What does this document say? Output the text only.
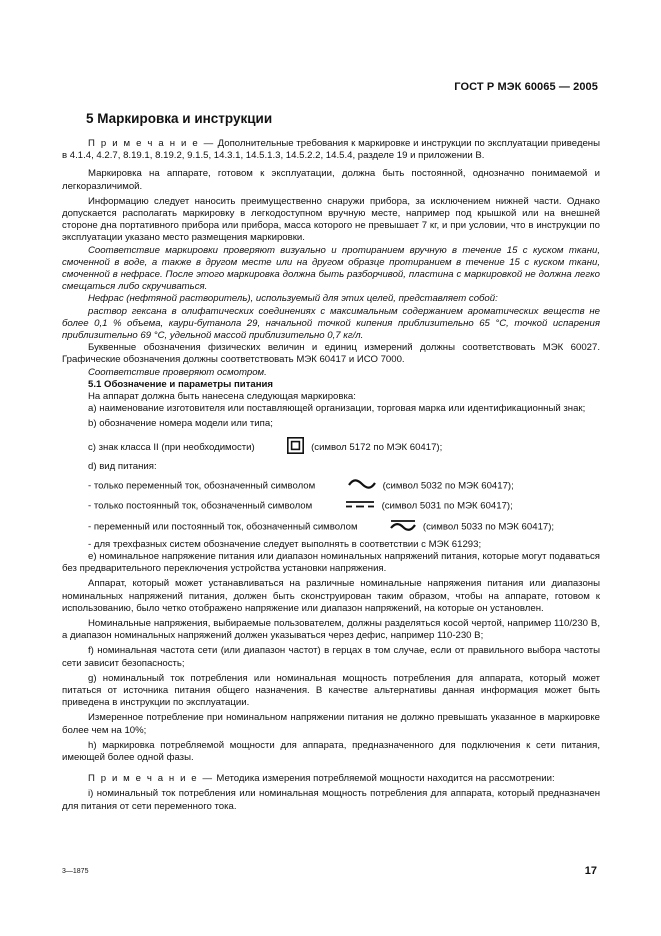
ГОСТ Р МЭК 60065 — 2005
5 Маркировка и инструкции

П р и м е ч а н и е — Дополнительные требования к маркировке и инструкции по эксплуатации приведены в 4.1.4, 4.2.7, 8.19.1, 8.19.2, 9.1.5, 14.3.1, 14.5.1.3, 14.5.2.2, 14.5.4, разделе 19 и приложении В.

Маркировка на аппарате, готовом к эксплуатации, должна быть постоянной, однозначно понимаемой и легкоразличимой.

Информацию следует наносить преимущественно снаружи прибора, за исключением нижней части. Однако допускается располагать маркировку в легкодоступном вручную месте, например под крышкой или на внешней стороне дна портативного прибора или прибора, масса которого не превышает 7 кг, и при условии, что в инструкции по эксплуатации указано место размещения маркировки.

Соответствие маркировки проверяют визуально и протиранием вручную в течение 15 с куском ткани, смоченной в воде, а также в другом месте или на другом образце протиранием в течение 15 с куском ткани, смоченной в нефрасе. После этого маркировка должна быть разборчивой, пластина с маркировкой не должна легко смещаться либо скручиваться.

Нефрас (нефтяной растворитель), используемый для этих целей, представляет собой:

раствор гексана в олифатических соединениях с максимальным содержанием ароматических веществ не более 0,1 % объема, каури-бутанола 29, начальной точкой кипения приблизительно 65 °С, точкой испарения приблизительно 69 °С, удельной массой приблизительно 0,7 кг/л.

Буквенные обозначения физических величин и единиц измерений должны соответствовать МЭК 60027. Графические обозначения должны соответствовать МЭК 60417 и ИСО 7000.

Соответствие проверяют осмотром.

5.1 Обозначение и параметры питания

На аппарат должна быть нанесена следующая маркировка:

а) наименование изготовителя или поставляющей организации, торговая марка или идентификационный знак;

b) обозначение номера модели или типа;

с) знак класса II (при необходимости)	(символ 5172 по МЭК 60417);

d) вид питания:

- только переменный ток, обозначенный символом	(символ 5032 по МЭК 60417);

- только постоянный ток, обозначенный символом	(символ 5031 по МЭК 60417);

- переменный или постоянный ток, обозначенный символом	(символ 5033 по МЭК 60417);

- для трехфазных систем обозначение следует выполнять в соответствии с МЭК 61293;

е) номинальное напряжение питания или диапазон номинальных напряжений питания, которые могут подаваться без предварительного переключения устройства установки напряжения.

Аппарат, который может устанавливаться на различные номинальные напряжения питания или диапазоны номинальных напряжений питания, должен быть сконструирован таким образом, чтобы на аппарате, готовом к использованию, было четко отображено напряжение или диапазон напряжений, на которые он установлен.

Номинальные напряжения, выбираемые пользователем, должны разделяться косой чертой, например 110/230 В, а диапазон номинальных напряжений должен указываться через дефис, например 110-230 В;

f) номинальная частота сети (или диапазон частот) в герцах в том случае, если от правильного выбора частоты сети зависит безопасность;

g) номинальный ток потребления или номинальная мощность потребления для аппарата, который может питаться от источника питания общего назначения. В качестве альтернативы данная информация может быть приведена в инструкции по эксплуатации.

Измеренное потребление при номинальном напряжении питания не должно превышать указанное в маркировке более чем на 10%;

h) маркировка потребляемой мощности для аппарата, предназначенного для подключения к сети питания, имеющей более одной фазы.

П р и м е ч а н и е — Методика измерения потребляемой мощности находится на рассмотрении:

i) номинальный ток потребления или номинальная мощность потребления для аппарата, который предназначен для питания от сети переменного тока.

3—1875	17
